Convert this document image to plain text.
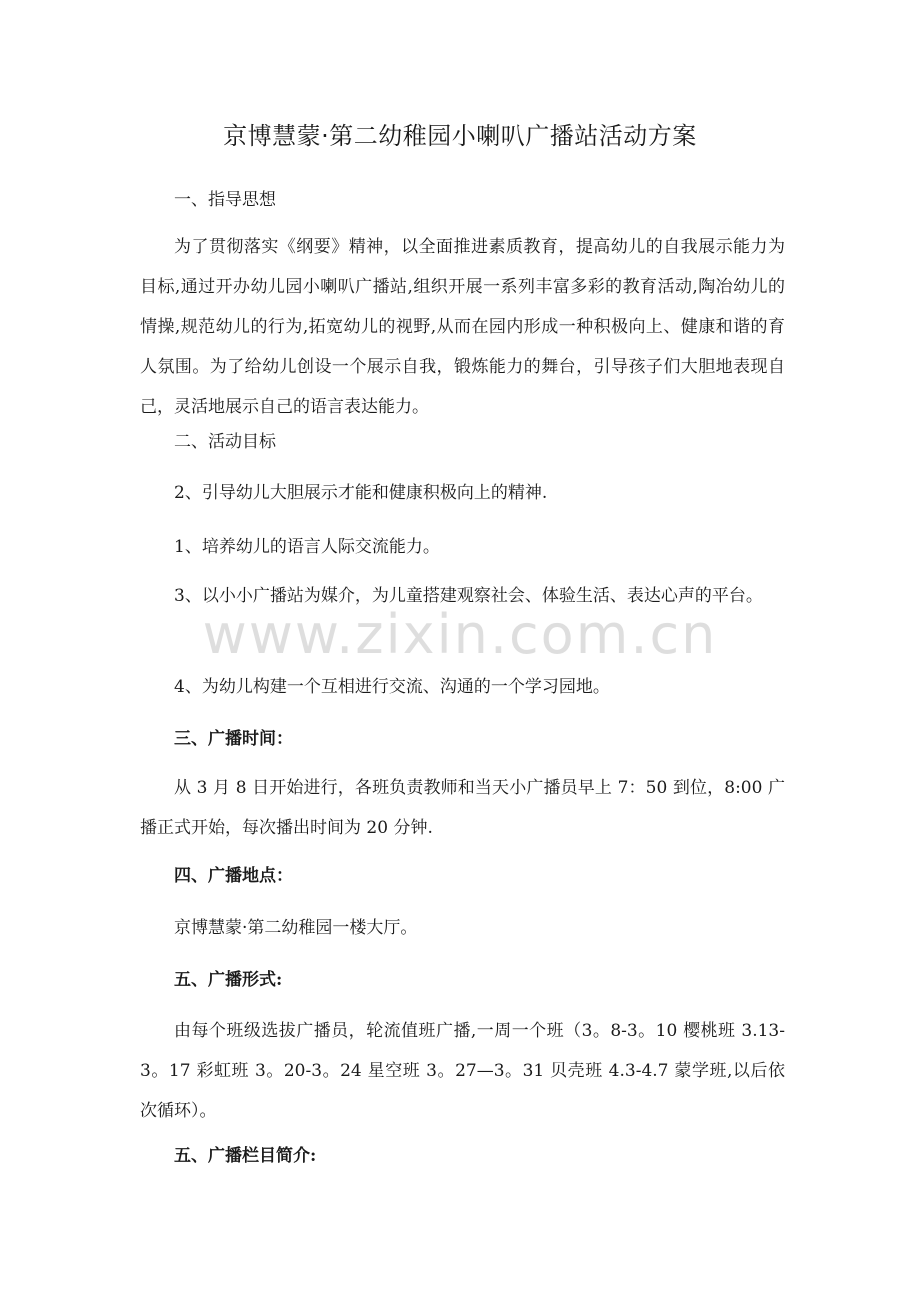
京博慧蒙·第二幼稚园小喇叭广播站活动方案

一、指导思想

为了贯彻落实《纲要》精神，以全面推进素质教育，提高幼儿的自我展示能力为目标,通过开办幼儿园小喇叭广播站,组织开展一系列丰富多彩的教育活动,陶冶幼儿的情操,规范幼儿的行为,拓宽幼儿的视野,从而在园内形成一种积极向上、健康和谐的育人氛围。为了给幼儿创设一个展示自我，锻炼能力的舞台，引导孩子们大胆地表现自己，灵活地展示自己的语言表达能力。

二、活动目标

2、引导幼儿大胆展示才能和健康积极向上的精神.

1、培养幼儿的语言人际交流能力。

3、以小小广播站为媒介，为儿童搭建观察社会、体验生活、表达心声的平台。

4、为幼儿构建一个互相进行交流、沟通的一个学习园地。

三、广播时间：

从 3 月 8 日开始进行，各班负责教师和当天小广播员早上 7：50 到位，8:00 广播正式开始，每次播出时间为 20 分钟.

四、广播地点：

京博慧蒙·第二幼稚园一楼大厅。

五、广播形式:

由每个班级选拔广播员，轮流值班广播,一周一个班（3。8-3。10 樱桃班 3.13-3。17 彩虹班 3。20-3。24 星空班 3。27—3。31 贝壳班 4.3-4.7 蒙学班,以后依次循环）。

五、广播栏目简介:

www.zixin.com.cn
